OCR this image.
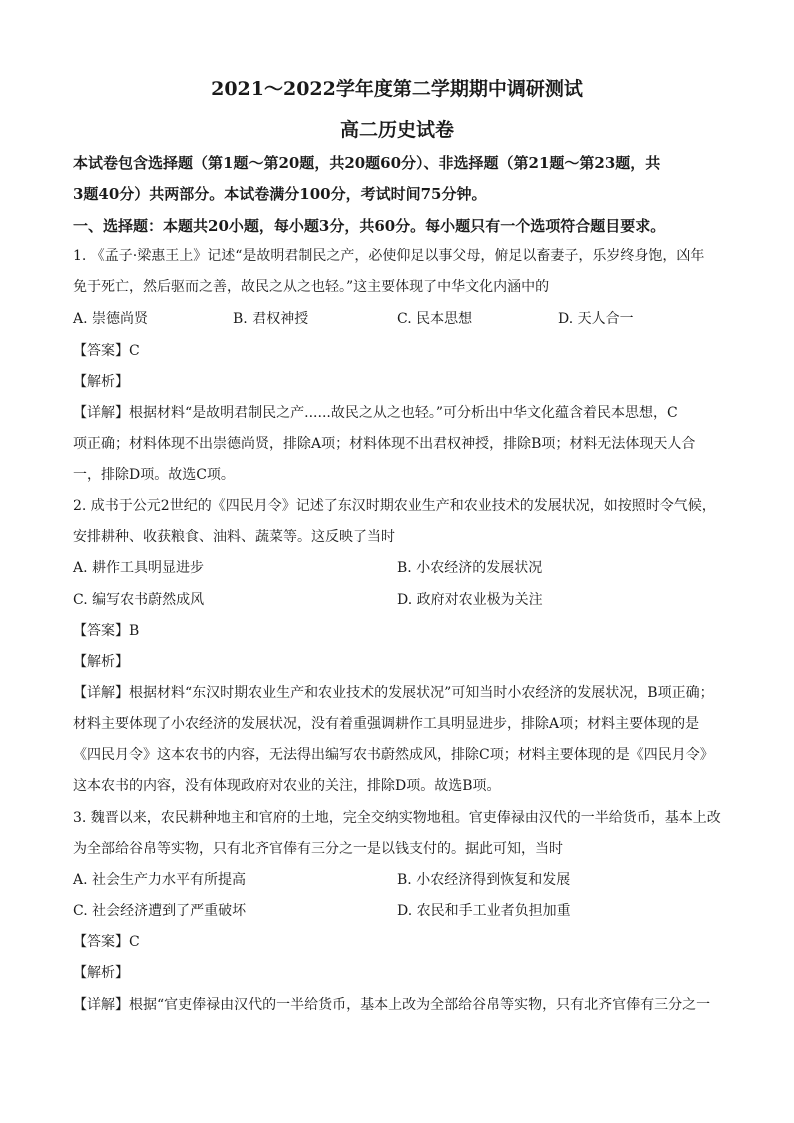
2021～2022学年度第二学期期中调研测试
高二历史试卷
本试卷包含选择题（第1题～第20题，共20题60分）、非选择题（第21题～第23题，共
3题40分）共两部分。本试卷满分100分，考试时间75分钟。
一、选择题：本题共20小题，每小题3分，共60分。每小题只有一个选项符合题目要求。
1. 《孟子·梁惠王上》记述“是故明君制民之产，必使仰足以事父母，俯足以畜妻子，乐岁终身饱，凶年
免于死亡，然后驱而之善，故民之从之也轻。”这主要体现了中华文化内涵中的
A. 崇德尚贤	B. 君权神授	C. 民本思想	D. 天人合一
【答案】C
【解析】
【详解】根据材料“是故明君制民之产......故民之从之也轻。”可分析出中华文化蕴含着民本思想，C
项正确；材料体现不出崇德尚贤，排除A项；材料体现不出君权神授，排除B项；材料无法体现天人合
一，排除D项。故选C项。
2. 成书于公元2世纪的《四民月令》记述了东汉时期农业生产和农业技术的发展状况，如按照时令气候，
安排耕种、收获粮食、油料、蔬菜等。这反映了当时
A. 耕作工具明显进步	B. 小农经济的发展状况
C. 编写农书蔚然成风	D. 政府对农业极为关注
【答案】B
【解析】
【详解】根据材料“东汉时期农业生产和农业技术的发展状况”可知当时小农经济的发展状况，B项正确；
材料主要体现了小农经济的发展状况，没有着重强调耕作工具明显进步，排除A项；材料主要体现的是
《四民月令》这本农书的内容，无法得出编写农书蔚然成风，排除C项；材料主要体现的是《四民月令》
这本农书的内容，没有体现政府对农业的关注，排除D项。故选B项。
3. 魏晋以来，农民耕种地主和官府的土地，完全交纳实物地租。官吏俸禄由汉代的一半给货币，基本上改
为全部给谷帛等实物，只有北齐官俸有三分之一是以钱支付的。据此可知，当时
A. 社会生产力水平有所提高	B. 小农经济得到恢复和发展
C. 社会经济遭到了严重破坏	D. 农民和手工业者负担加重
【答案】C
【解析】
【详解】根据“官吏俸禄由汉代的一半给货币，基本上改为全部给谷帛等实物，只有北齐官俸有三分之一
